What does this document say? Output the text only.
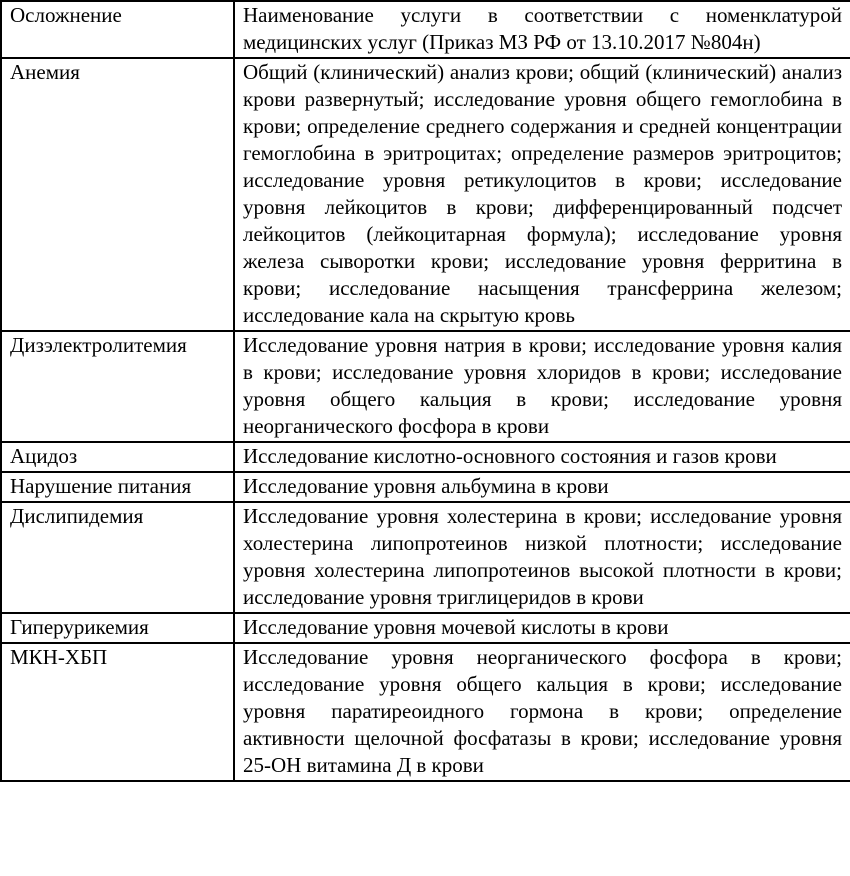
Осложнение	Наименование услуги в соответствии с номенклатурой медицинских услуг (Приказ МЗ РФ от 13.10.2017 №804н)
Анемия	Общий (клинический) анализ крови; общий (клинический) анализ крови развернутый; исследование уровня общего гемоглобина в крови; определение среднего содержания и средней концентрации гемоглобина в эритроцитах; определение размеров эритроцитов; исследование уровня ретикулоцитов в крови; исследование уровня лейкоцитов в крови; дифференцированный подсчет лейкоцитов (лейкоцитарная формула); исследование уровня железа сыворотки крови; исследование уровня ферритина в крови; исследование насыщения трансферрина железом; исследование кала на скрытую кровь
Дизэлектролитемия	Исследование уровня натрия в крови; исследование уровня калия в крови; исследование уровня хлоридов в крови; исследование уровня общего кальция в крови; исследование уровня неорганического фосфора в крови
Ацидоз	Исследование кислотно-основного состояния и газов крови
Нарушение питания	Исследование уровня альбумина в крови
Дислипидемия	Исследование уровня холестерина в крови; исследование уровня холестерина липопротеинов низкой плотности; исследование уровня холестерина липопротеинов высокой плотности в крови; исследование уровня триглицеридов в крови
Гиперурикемия	Исследование уровня мочевой кислоты в крови
МКН-ХБП	Исследование уровня неорганического фосфора в крови; исследование уровня общего кальция в крови; исследование уровня паратиреоидного гормона в крови; определение активности щелочной фосфатазы в крови; исследование уровня 25-ОН витамина Д в крови
